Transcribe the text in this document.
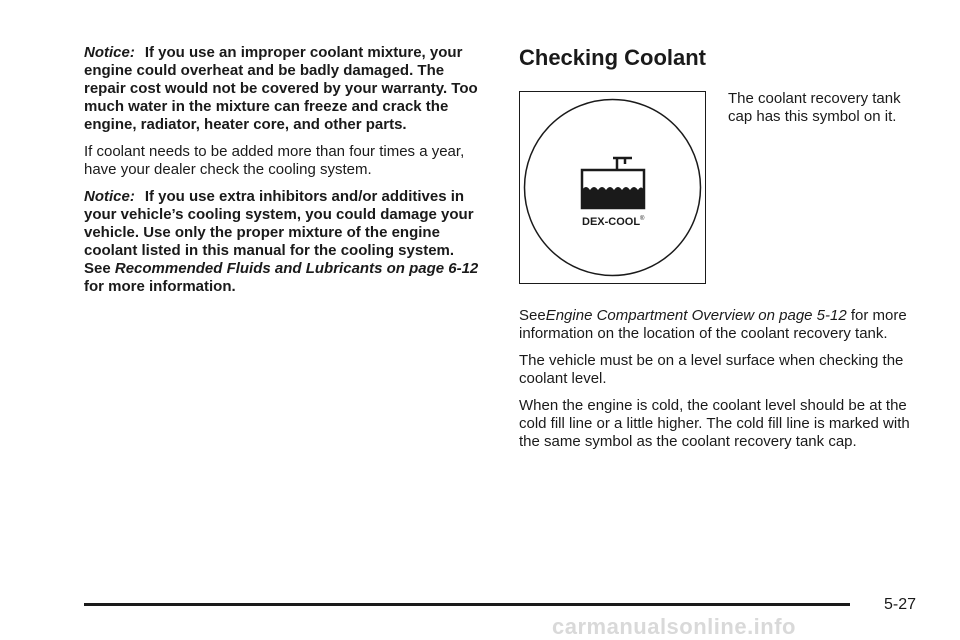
Notice: If you use an improper coolant mixture, your engine could overheat and be badly damaged. The repair cost would not be covered by your warranty. Too much water in the mixture can freeze and crack the engine, radiator, heater core, and other parts.

If coolant needs to be added more than four times a year, have your dealer check the cooling system.

Notice: If you use extra inhibitors and/or additives in your vehicle’s cooling system, you could damage your vehicle. Use only the proper mixture of the engine coolant listed in this manual for the cooling system. See Recommended Fluids and Lubricants on page 6-12 for more information.

Checking Coolant
DEX-COOL ®
The coolant recovery tank cap has this symbol on it.

SeeEngine Compartment Overview on page 5-12 for more information on the location of the coolant recovery tank.

The vehicle must be on a level surface when checking the coolant level.

When the engine is cold, the coolant level should be at the cold fill line or a little higher. The cold fill line is marked with the same symbol as the coolant recovery tank cap.

5-27
carmanualsonline.info
